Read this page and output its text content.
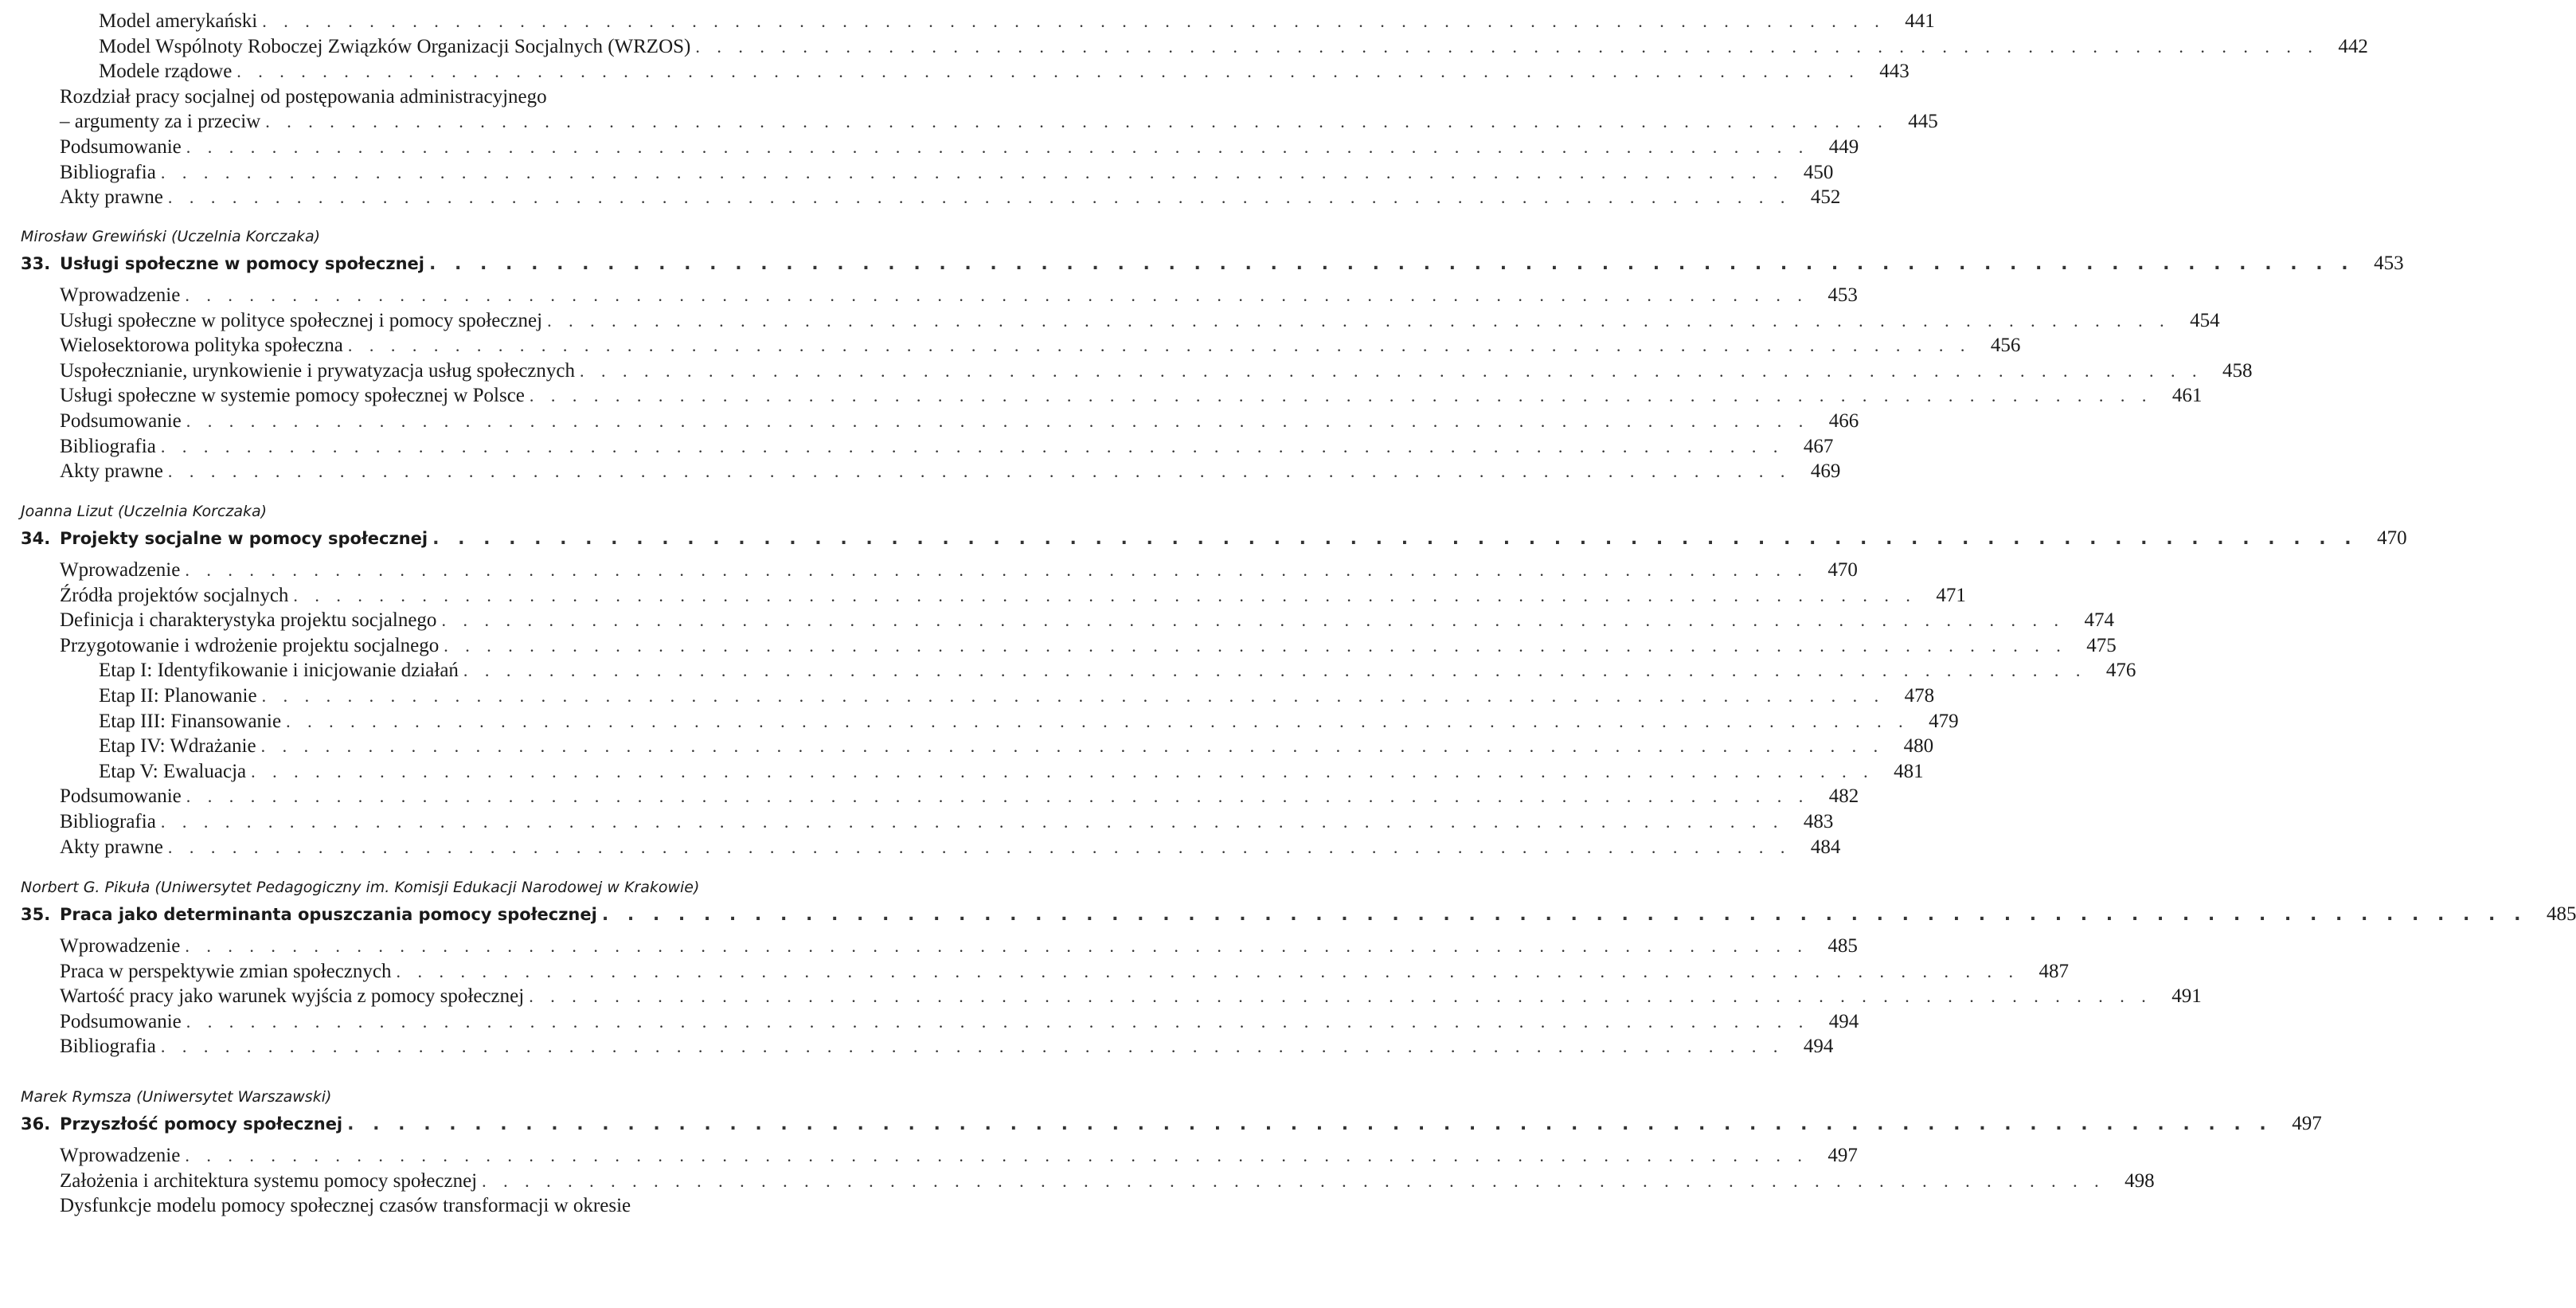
Model amerykański . . . . . . . . . . . . . . . . . . . . . . . . . . . . . . . . . . . . . . . . . . . . . . . . . . . . . . . . . . . . . . . . . . . . . . . . . . . . 441
Model Wspólnoty Roboczej Związków Organizacji Socjalnych (WRZOS) . . . . . . . . . . . . . . . . . . . . . . . . . . . . . . . . . . . . . . . . . . . . . . . . . . . . . . . . . . . . . . . . . . . . . . . . . . . . 442
Modele rządowe . . . . . . . . . . . . . . . . . . . . . . . . . . . . . . . . . . . . . . . . . . . . . . . . . . . . . . . . . . . . . . . . . . . . . . . . . . . . 443
Rozdział pracy socjalnej od postępowania administracyjnego
– argumenty za i przeciw . . . . . . . . . . . . . . . . . . . . . . . . . . . . . . . . . . . . . . . . . . . . . . . . . . . . . . . . . . . . . . . . . . . . . . . . . . . . 445
Podsumowanie . . . . . . . . . . . . . . . . . . . . . . . . . . . . . . . . . . . . . . . . . . . . . . . . . . . . . . . . . . . . . . . . . . . . . . . . . . . . 449
Bibliografia . . . . . . . . . . . . . . . . . . . . . . . . . . . . . . . . . . . . . . . . . . . . . . . . . . . . . . . . . . . . . . . . . . . . . . . . . . . . 450
Akty prawne . . . . . . . . . . . . . . . . . . . . . . . . . . . . . . . . . . . . . . . . . . . . . . . . . . . . . . . . . . . . . . . . . . . . . . . . . . . . 452
Mirosław Grewiński (Uczelnia Korczaka)
33. Usługi społeczne w pomocy społecznej . . . . . . . . . . . . . . . . . . . . . . . . . . . . . . . . . . . . . . . . . . . . . . . . . . . . . . . . . . . . . . . . . . . . . . . . . . . . 453
Wprowadzenie . . . . . . . . . . . . . . . . . . . . . . . . . . . . . . . . . . . . . . . . . . . . . . . . . . . . . . . . . . . . . . . . . . . . . . . . . . . . 453
Usługi społeczne w polityce społecznej i pomocy społecznej . . . . . . . . . . . . . . . . . . . . . . . . . . . . . . . . . . . . . . . . . . . . . . . . . . . . . . . . . . . . . . . . . . . . . . . . . . . . 454
Wielosektorowa polityka społeczna . . . . . . . . . . . . . . . . . . . . . . . . . . . . . . . . . . . . . . . . . . . . . . . . . . . . . . . . . . . . . . . . . . . . . . . . . . . . 456
Uspołecznianie, urynkowienie i prywatyzacja usług społecznych . . . . . . . . . . . . . . . . . . . . . . . . . . . . . . . . . . . . . . . . . . . . . . . . . . . . . . . . . . . . . . . . . . . . . . . . . . . . 458
Usługi społeczne w systemie pomocy społecznej w Polsce . . . . . . . . . . . . . . . . . . . . . . . . . . . . . . . . . . . . . . . . . . . . . . . . . . . . . . . . . . . . . . . . . . . . . . . . . . . . 461
Podsumowanie . . . . . . . . . . . . . . . . . . . . . . . . . . . . . . . . . . . . . . . . . . . . . . . . . . . . . . . . . . . . . . . . . . . . . . . . . . . . 466
Bibliografia . . . . . . . . . . . . . . . . . . . . . . . . . . . . . . . . . . . . . . . . . . . . . . . . . . . . . . . . . . . . . . . . . . . . . . . . . . . . 467
Akty prawne . . . . . . . . . . . . . . . . . . . . . . . . . . . . . . . . . . . . . . . . . . . . . . . . . . . . . . . . . . . . . . . . . . . . . . . . . . . . 469
Joanna Lizut (Uczelnia Korczaka)
34. Projekty socjalne w pomocy społecznej . . . . . . . . . . . . . . . . . . . . . . . . . . . . . . . . . . . . . . . . . . . . . . . . . . . . . . . . . . . . . . . . . . . . . . . . . . . . 470
Wprowadzenie . . . . . . . . . . . . . . . . . . . . . . . . . . . . . . . . . . . . . . . . . . . . . . . . . . . . . . . . . . . . . . . . . . . . . . . . . . . . 470
Źródła projektów socjalnych . . . . . . . . . . . . . . . . . . . . . . . . . . . . . . . . . . . . . . . . . . . . . . . . . . . . . . . . . . . . . . . . . . . . . . . . . . . . 471
Definicja i charakterystyka projektu socjalnego . . . . . . . . . . . . . . . . . . . . . . . . . . . . . . . . . . . . . . . . . . . . . . . . . . . . . . . . . . . . . . . . . . . . . . . . . . . . 474
Przygotowanie i wdrożenie projektu socjalnego . . . . . . . . . . . . . . . . . . . . . . . . . . . . . . . . . . . . . . . . . . . . . . . . . . . . . . . . . . . . . . . . . . . . . . . . . . . . 475
Etap I: Identyfikowanie i inicjowanie działań . . . . . . . . . . . . . . . . . . . . . . . . . . . . . . . . . . . . . . . . . . . . . . . . . . . . . . . . . . . . . . . . . . . . . . . . . . . . 476
Etap II: Planowanie . . . . . . . . . . . . . . . . . . . . . . . . . . . . . . . . . . . . . . . . . . . . . . . . . . . . . . . . . . . . . . . . . . . . . . . . . . . . 478
Etap III: Finansowanie . . . . . . . . . . . . . . . . . . . . . . . . . . . . . . . . . . . . . . . . . . . . . . . . . . . . . . . . . . . . . . . . . . . . . . . . . . . . 479
Etap IV: Wdrażanie . . . . . . . . . . . . . . . . . . . . . . . . . . . . . . . . . . . . . . . . . . . . . . . . . . . . . . . . . . . . . . . . . . . . . . . . . . . . 480
Etap V: Ewaluacja . . . . . . . . . . . . . . . . . . . . . . . . . . . . . . . . . . . . . . . . . . . . . . . . . . . . . . . . . . . . . . . . . . . . . . . . . . . . 481
Podsumowanie . . . . . . . . . . . . . . . . . . . . . . . . . . . . . . . . . . . . . . . . . . . . . . . . . . . . . . . . . . . . . . . . . . . . . . . . . . . . 482
Bibliografia . . . . . . . . . . . . . . . . . . . . . . . . . . . . . . . . . . . . . . . . . . . . . . . . . . . . . . . . . . . . . . . . . . . . . . . . . . . . 483
Akty prawne . . . . . . . . . . . . . . . . . . . . . . . . . . . . . . . . . . . . . . . . . . . . . . . . . . . . . . . . . . . . . . . . . . . . . . . . . . . . 484
Norbert G. Pikuła (Uniwersytet Pedagogiczny im. Komisji Edukacji Narodowej w Krakowie)
35. Praca jako determinanta opuszczania pomocy społecznej . . . . . . . . . . . . . . . . . . . . . . . . . . . . . . . . . . . . . . . . . . . . . . . . . . . . . . . . . . . . . . . . . . . . . . . . . . . . 485
Wprowadzenie . . . . . . . . . . . . . . . . . . . . . . . . . . . . . . . . . . . . . . . . . . . . . . . . . . . . . . . . . . . . . . . . . . . . . . . . . . . . 485
Praca w perspektywie zmian społecznych . . . . . . . . . . . . . . . . . . . . . . . . . . . . . . . . . . . . . . . . . . . . . . . . . . . . . . . . . . . . . . . . . . . . . . . . . . . . 487
Wartość pracy jako warunek wyjścia z pomocy społecznej . . . . . . . . . . . . . . . . . . . . . . . . . . . . . . . . . . . . . . . . . . . . . . . . . . . . . . . . . . . . . . . . . . . . . . . . . . . . 491
Podsumowanie . . . . . . . . . . . . . . . . . . . . . . . . . . . . . . . . . . . . . . . . . . . . . . . . . . . . . . . . . . . . . . . . . . . . . . . . . . . . 494
Bibliografia . . . . . . . . . . . . . . . . . . . . . . . . . . . . . . . . . . . . . . . . . . . . . . . . . . . . . . . . . . . . . . . . . . . . . . . . . . . . 494
Marek Rymsza (Uniwersytet Warszawski)
36. Przyszłość pomocy społecznej . . . . . . . . . . . . . . . . . . . . . . . . . . . . . . . . . . . . . . . . . . . . . . . . . . . . . . . . . . . . . . . . . . . . . . . . . . . . 497
Wprowadzenie . . . . . . . . . . . . . . . . . . . . . . . . . . . . . . . . . . . . . . . . . . . . . . . . . . . . . . . . . . . . . . . . . . . . . . . . . . . . 497
Założenia i architektura systemu pomocy społecznej . . . . . . . . . . . . . . . . . . . . . . . . . . . . . . . . . . . . . . . . . . . . . . . . . . . . . . . . . . . . . . . . . . . . . . . . . . . . 498
Dysfunkcje modelu pomocy społecznej czasów transformacji w okresie
